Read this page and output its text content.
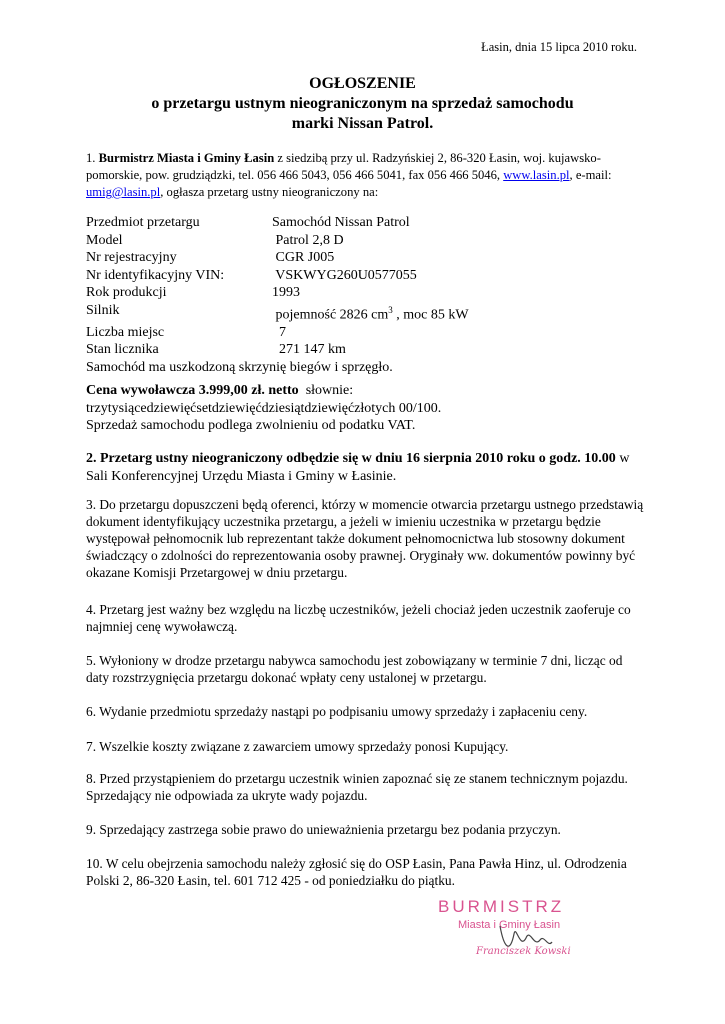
Łasin, dnia 15 lipca 2010 roku.
OGŁOSZENIE
o przetargu ustnym nieograniczonym na sprzedaż samochodu
marki Nissan Patrol.
1. Burmistrz Miasta i Gminy Łasin z siedzibą przy ul. Radzyńskiej 2, 86-320 Łasin, woj. kujawsko-pomorskie, pow. grudziądzki, tel. 056 466 5043, 056 466 5041, fax 056 466 5046, www.lasin.pl, e-mail: umig@lasin.pl, ogłasza przetarg ustny nieograniczony na:
Przedmiot przetargu	Samochód Nissan Patrol
Model	Patrol 2,8 D
Nr rejestracyjny	CGR J005
Nr identyfikacyjny VIN:	VSKWYG260U0577055
Rok produkcji	1993
Silnik	pojemność 2826 $cm^3$ , moc 85 kW
Liczba miejsc	7
Stan licznika	271 147 km
Samochód ma uszkodzoną skrzynię biegów i sprzęgło.
Cena wywoławcza 3.999,00 zł. netto  słownie:
trzytysiącedziewięćsetdziewięćdziesiątdziewięćzłotych 00/100.
Sprzedaż samochodu podlega zwolnieniu od podatku VAT.
2. Przetarg ustny nieograniczony odbędzie się w dniu 16 sierpnia 2010 roku o godz. 10.00 w Sali Konferencyjnej Urzędu Miasta i Gminy w Łasinie.
3. Do przetargu dopuszczeni będą oferenci, którzy w momencie otwarcia przetargu ustnego przedstawią dokument identyfikujący uczestnika przetargu, a jeżeli w imieniu uczestnika w przetargu będzie występował pełnomocnik lub reprezentant także dokument pełnomocnictwa lub stosowny dokument świadczący o zdolności do reprezentowania osoby prawnej. Oryginały ww. dokumentów powinny być okazane Komisji Przetargowej w dniu przetargu.
4. Przetarg jest ważny bez względu na liczbę uczestników, jeżeli chociaż jeden uczestnik zaoferuje co najmniej cenę wywoławczą.
5. Wyłoniony w drodze przetargu nabywca samochodu jest zobowiązany w terminie 7 dni, licząc od daty rozstrzygnięcia przetargu dokonać wpłaty ceny ustalonej w przetargu.
6. Wydanie przedmiotu sprzedaży nastąpi po podpisaniu umowy sprzedaży i zapłaceniu ceny.
7. Wszelkie koszty związane z zawarciem umowy sprzedaży ponosi Kupujący.
8. Przed przystąpieniem do przetargu uczestnik winien zapoznać się ze stanem technicznym pojazdu. Sprzedający nie odpowiada za ukryte wady pojazdu.
9. Sprzedający zastrzega sobie prawo do unieważnienia przetargu bez podania przyczyn.
10. W celu obejrzenia samochodu należy zgłosić się do OSP Łasin, Pana Pawła Hinz, ul. Odrodzenia Polski 2, 86-320 Łasin, tel. 601 712 425 - od poniedziałku do piątku.
BURMISTRZ
Miasta i Gminy Łasin
Franciszek Kowski
